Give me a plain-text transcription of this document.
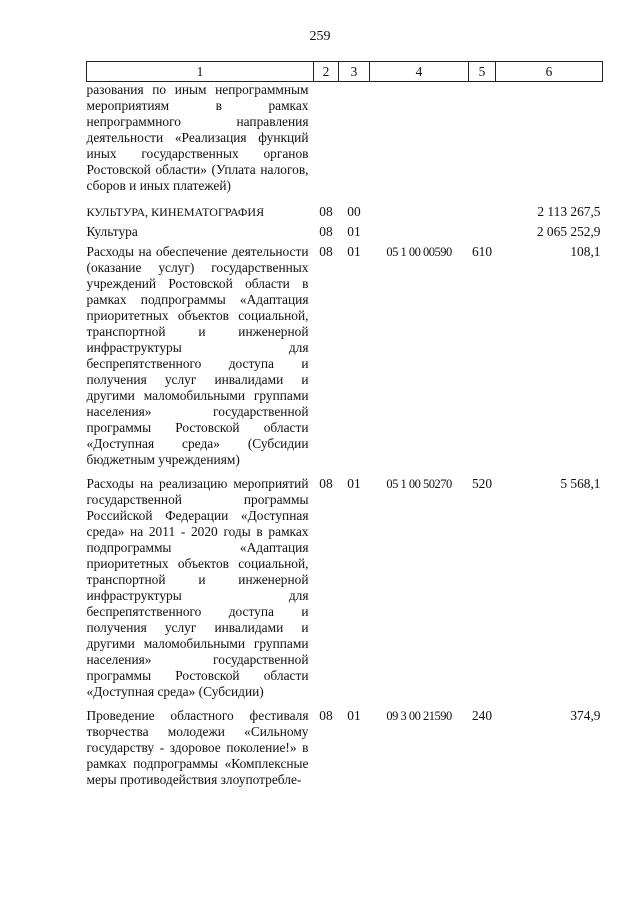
259
1	2	3	4	5	6
разования по иным непрограммным мероприятиям в рамках непрограммного направления деятельности «Реализация функций иных государственных органов Ростовской области» (Уплата налогов, сборов и иных платежей)					
КУЛЬТУРА, КИНЕМАТОГРАФИЯ	08	00			2 113 267,5
Культура	08	01			2 065 252,9
Расходы на обеспечение деятельности (оказание услуг) государственных учреждений Ростовской области в рамках подпрограммы «Адаптация приоритетных объектов социальной, транспортной и инженерной инфраструктуры для беспрепятственного доступа и получения услуг инвалидами и другими маломобильными группами населения» государственной программы Ростовской области «Доступная среда» (Субсидии бюджетным учреждениям)	08	01	05 1 00 00590	610	108,1
Расходы на реализацию мероприятий государственной программы Российской Федерации «Доступная среда» на 2011 - 2020 годы в рамках подпрограммы «Адаптация приоритетных объектов социальной, транспортной и инженерной инфраструктуры для беспрепятственного доступа и получения услуг инвалидами и другими маломобильными группами населения» государственной программы Ростовской области «Доступная среда» (Субсидии)	08	01	05 1 00 50270	520	5 568,1
Проведение областного фестиваля творчества молодежи «Сильному государству - здоровое поколение!» в рамках подпрограммы «Комплексные меры противодействия злоупотребле-	08	01	09 3 00 21590	240	374,9
